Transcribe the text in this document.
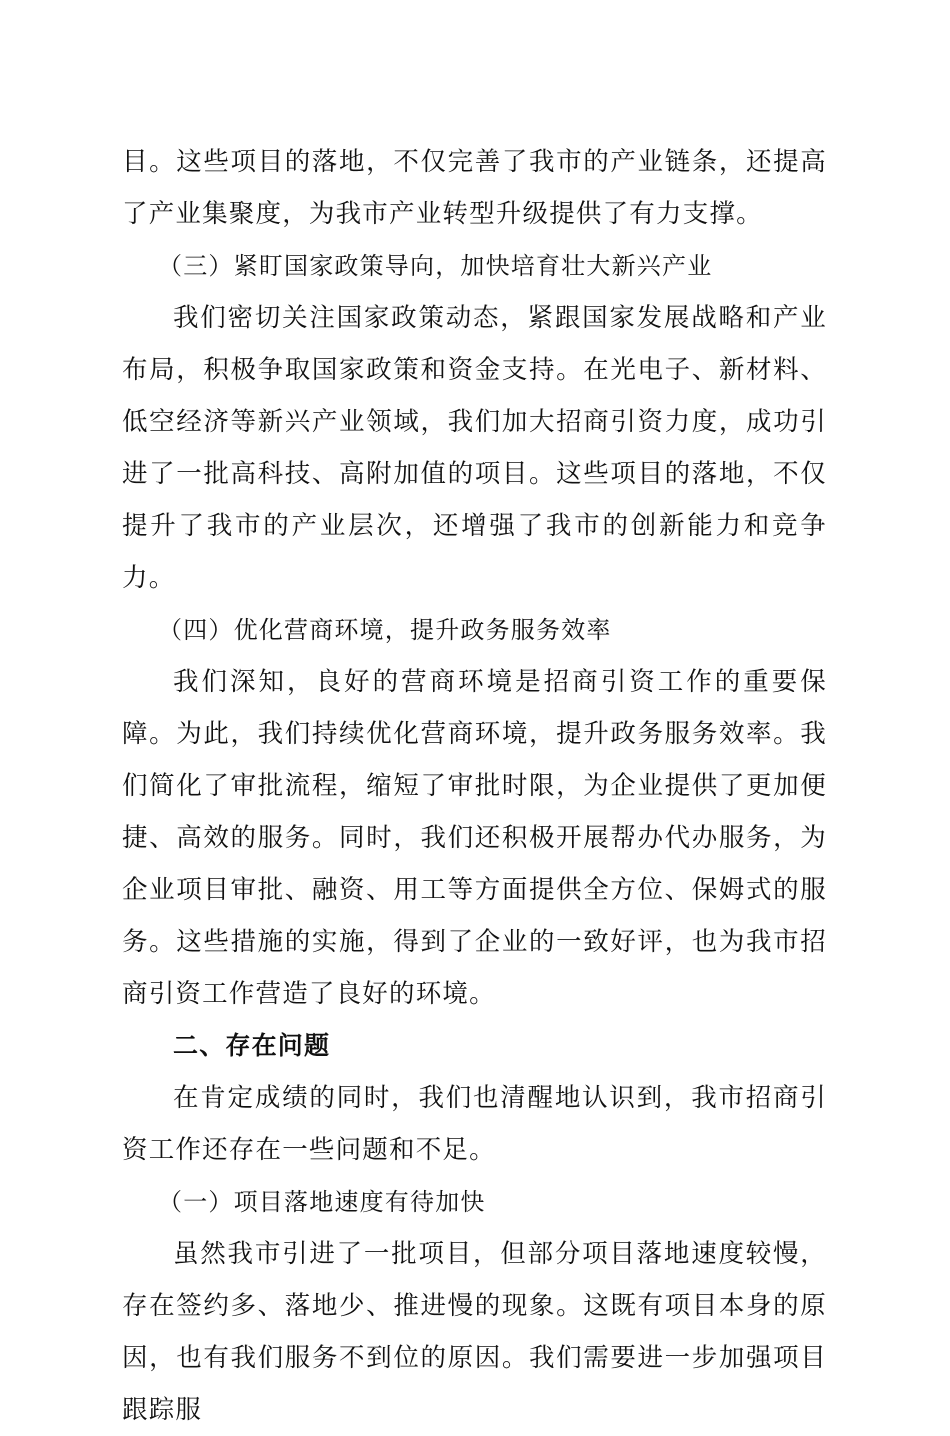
目。这些项目的落地，不仅完善了我市的产业链条，还提高了产业集聚度，为我市产业转型升级提供了有力支撑。

（三）紧盯国家政策导向，加快培育壮大新兴产业

我们密切关注国家政策动态，紧跟国家发展战略和产业布局，积极争取国家政策和资金支持。在光电子、新材料、低空经济等新兴产业领域，我们加大招商引资力度，成功引进了一批高科技、高附加值的项目。这些项目的落地，不仅提升了我市的产业层次，还增强了我市的创新能力和竞争力。

（四）优化营商环境，提升政务服务效率

我们深知，良好的营商环境是招商引资工作的重要保障。为此，我们持续优化营商环境，提升政务服务效率。我们简化了审批流程，缩短了审批时限，为企业提供了更加便捷、高效的服务。同时，我们还积极开展帮办代办服务，为企业项目审批、融资、用工等方面提供全方位、保姆式的服务。这些措施的实施，得到了企业的一致好评，也为我市招商引资工作营造了良好的环境。

二、存在问题

在肯定成绩的同时，我们也清醒地认识到，我市招商引资工作还存在一些问题和不足。

（一）项目落地速度有待加快

虽然我市引进了一批项目，但部分项目落地速度较慢，存在签约多、落地少、推进慢的现象。这既有项目本身的原因，也有我们服务不到位的原因。我们需要进一步加强项目跟踪服
